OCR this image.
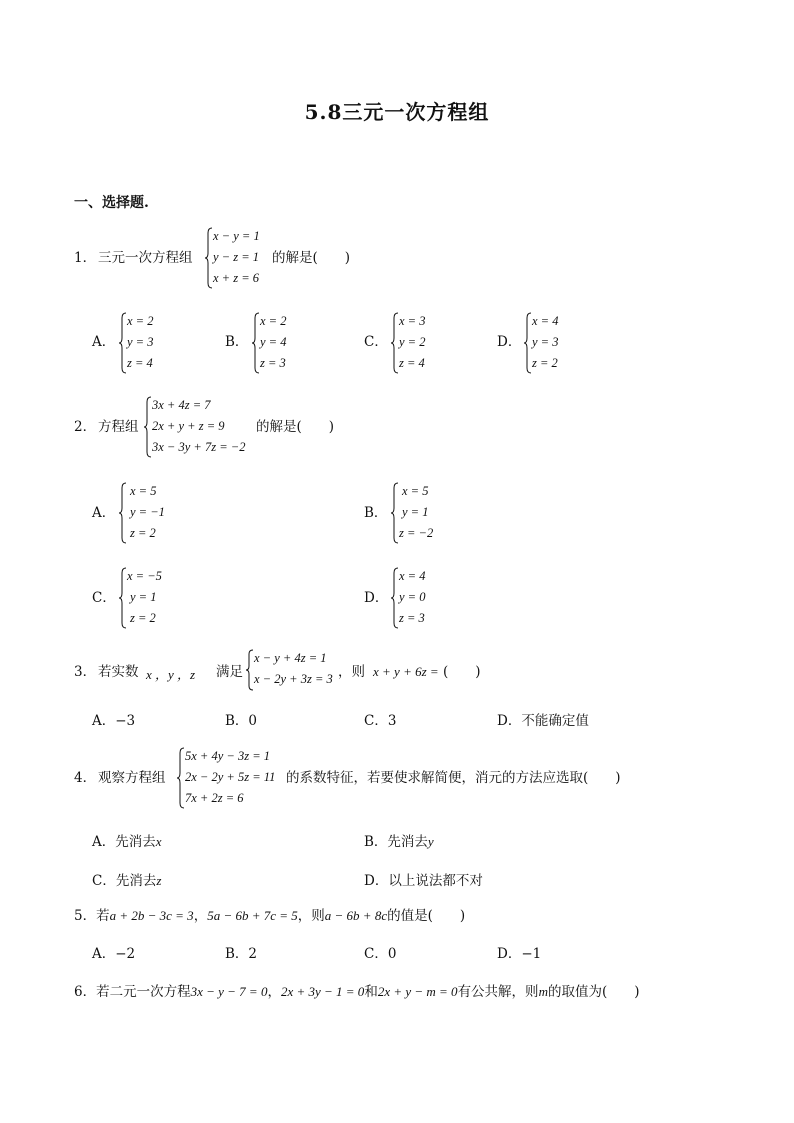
5.8三元一次方程组
一、选择题.
1． 三元一次方程组
x − y = 1
y − z = 1
x + z = 6
的解是(　　)
A．
x = 2
y = 3
z = 4
B．
x = 2
y = 4
z = 3
C．
x = 3
y = 2
z = 4
D．
x = 4
y = 3
z = 2
2． 方程组
3x + 4z = 7
2x + y + z = 9
3x − 3y + 7z = −2
的解是(　　)
A．
x = 5
y = −1
z = 2
B．
x = 5
y = 1
z = −2
C．
x = −5
y = 1
z = 2
D．
x = 4
y = 0
z = 3
3． 若实数 x ，y ，z 满足
x − y + 4z = 1
x − 2y + 3z = 3 ，则 x + y + 6z = (　　)
A．−3	B．0	C．3	D．不能确定值
4． 观察方程组
5x + 4y − 3z = 1
2x − 2y + 5z = 11
7x + 2z = 6
的系数特征，若要使求解简便，消元的方法应选取(　　)
A．先消去x	B．先消去y
C．先消去z	D．以上说法都不对
5．若a + 2b − 3c = 3，5a − 6b + 7c = 5，则a − 6b + 8c的值是(　　)
A．−2	B．2	C．0	D．−1
6．若二元一次方程3x − y − 7 = 0，2x + 3y − 1 = 0和2x + y − m = 0有公共解，则m的取值为(　　)
